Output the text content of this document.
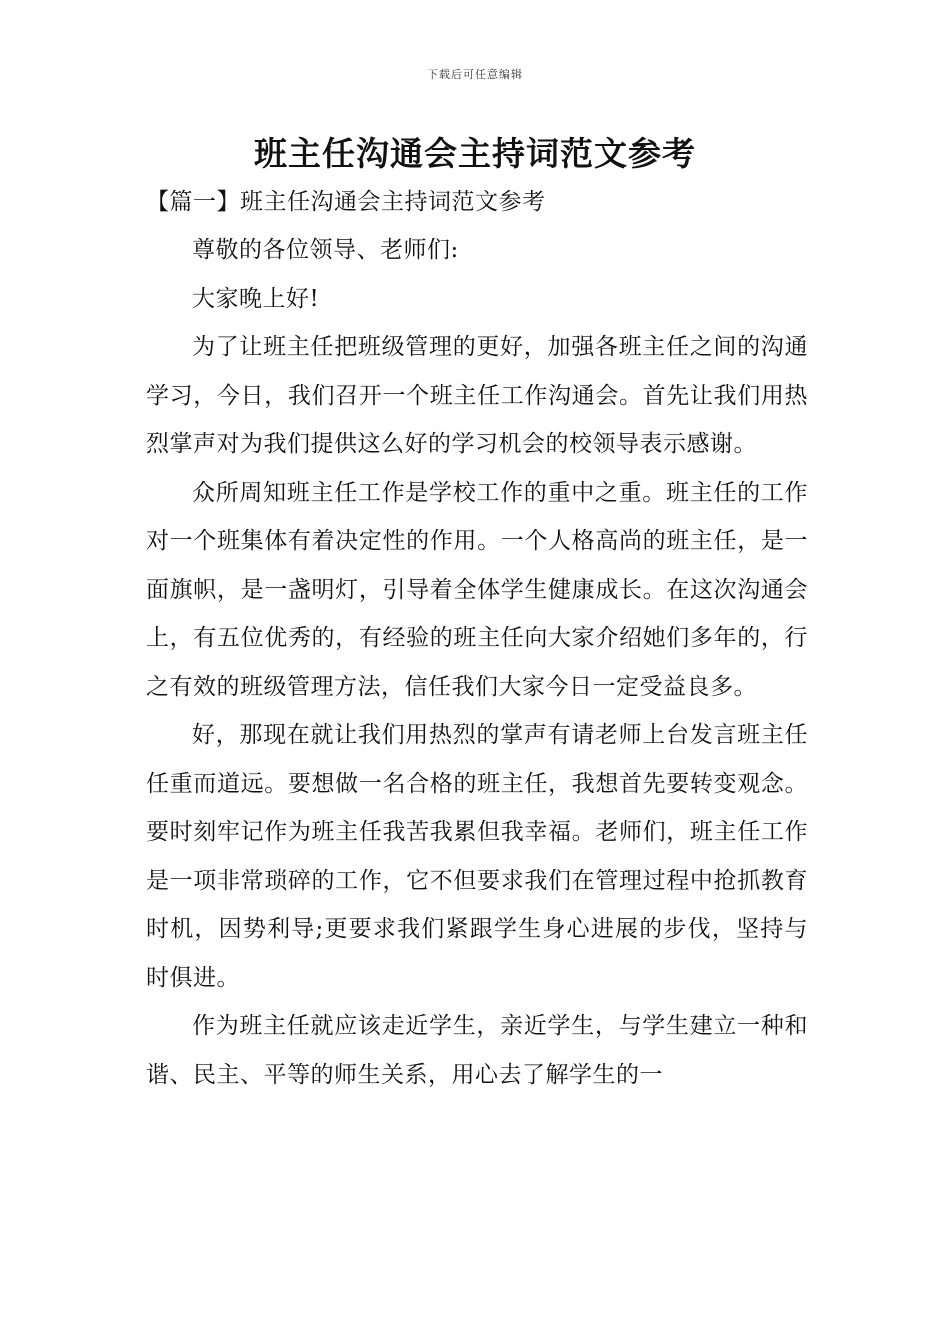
下载后可任意编辑
班主任沟通会主持词范文参考
【篇一】班主任沟通会主持词范文参考

尊敬的各位领导、老师们:

大家晚上好!

为了让班主任把班级管理的更好，加强各班主任之间的沟通学习，今日，我们召开一个班主任工作沟通会。首先让我们用热烈掌声对为我们提供这么好的学习机会的校领导表示感谢。

众所周知班主任工作是学校工作的重中之重。班主任的工作对一个班集体有着决定性的作用。一个人格高尚的班主任，是一面旗帜，是一盏明灯，引导着全体学生健康成长。在这次沟通会上，有五位优秀的，有经验的班主任向大家介绍她们多年的，行之有效的班级管理方法，信任我们大家今日一定受益良多。

好，那现在就让我们用热烈的掌声有请老师上台发言班主任任重而道远。要想做一名合格的班主任，我想首先要转变观念。要时刻牢记作为班主任我苦我累但我幸福。老师们，班主任工作是一项非常琐碎的工作，它不但要求我们在管理过程中抢抓教育时机，因势利导;更要求我们紧跟学生身心进展的步伐，坚持与时俱进。

作为班主任就应该走近学生，亲近学生，与学生建立一种和谐、民主、平等的师生关系，用心去了解学生的一
